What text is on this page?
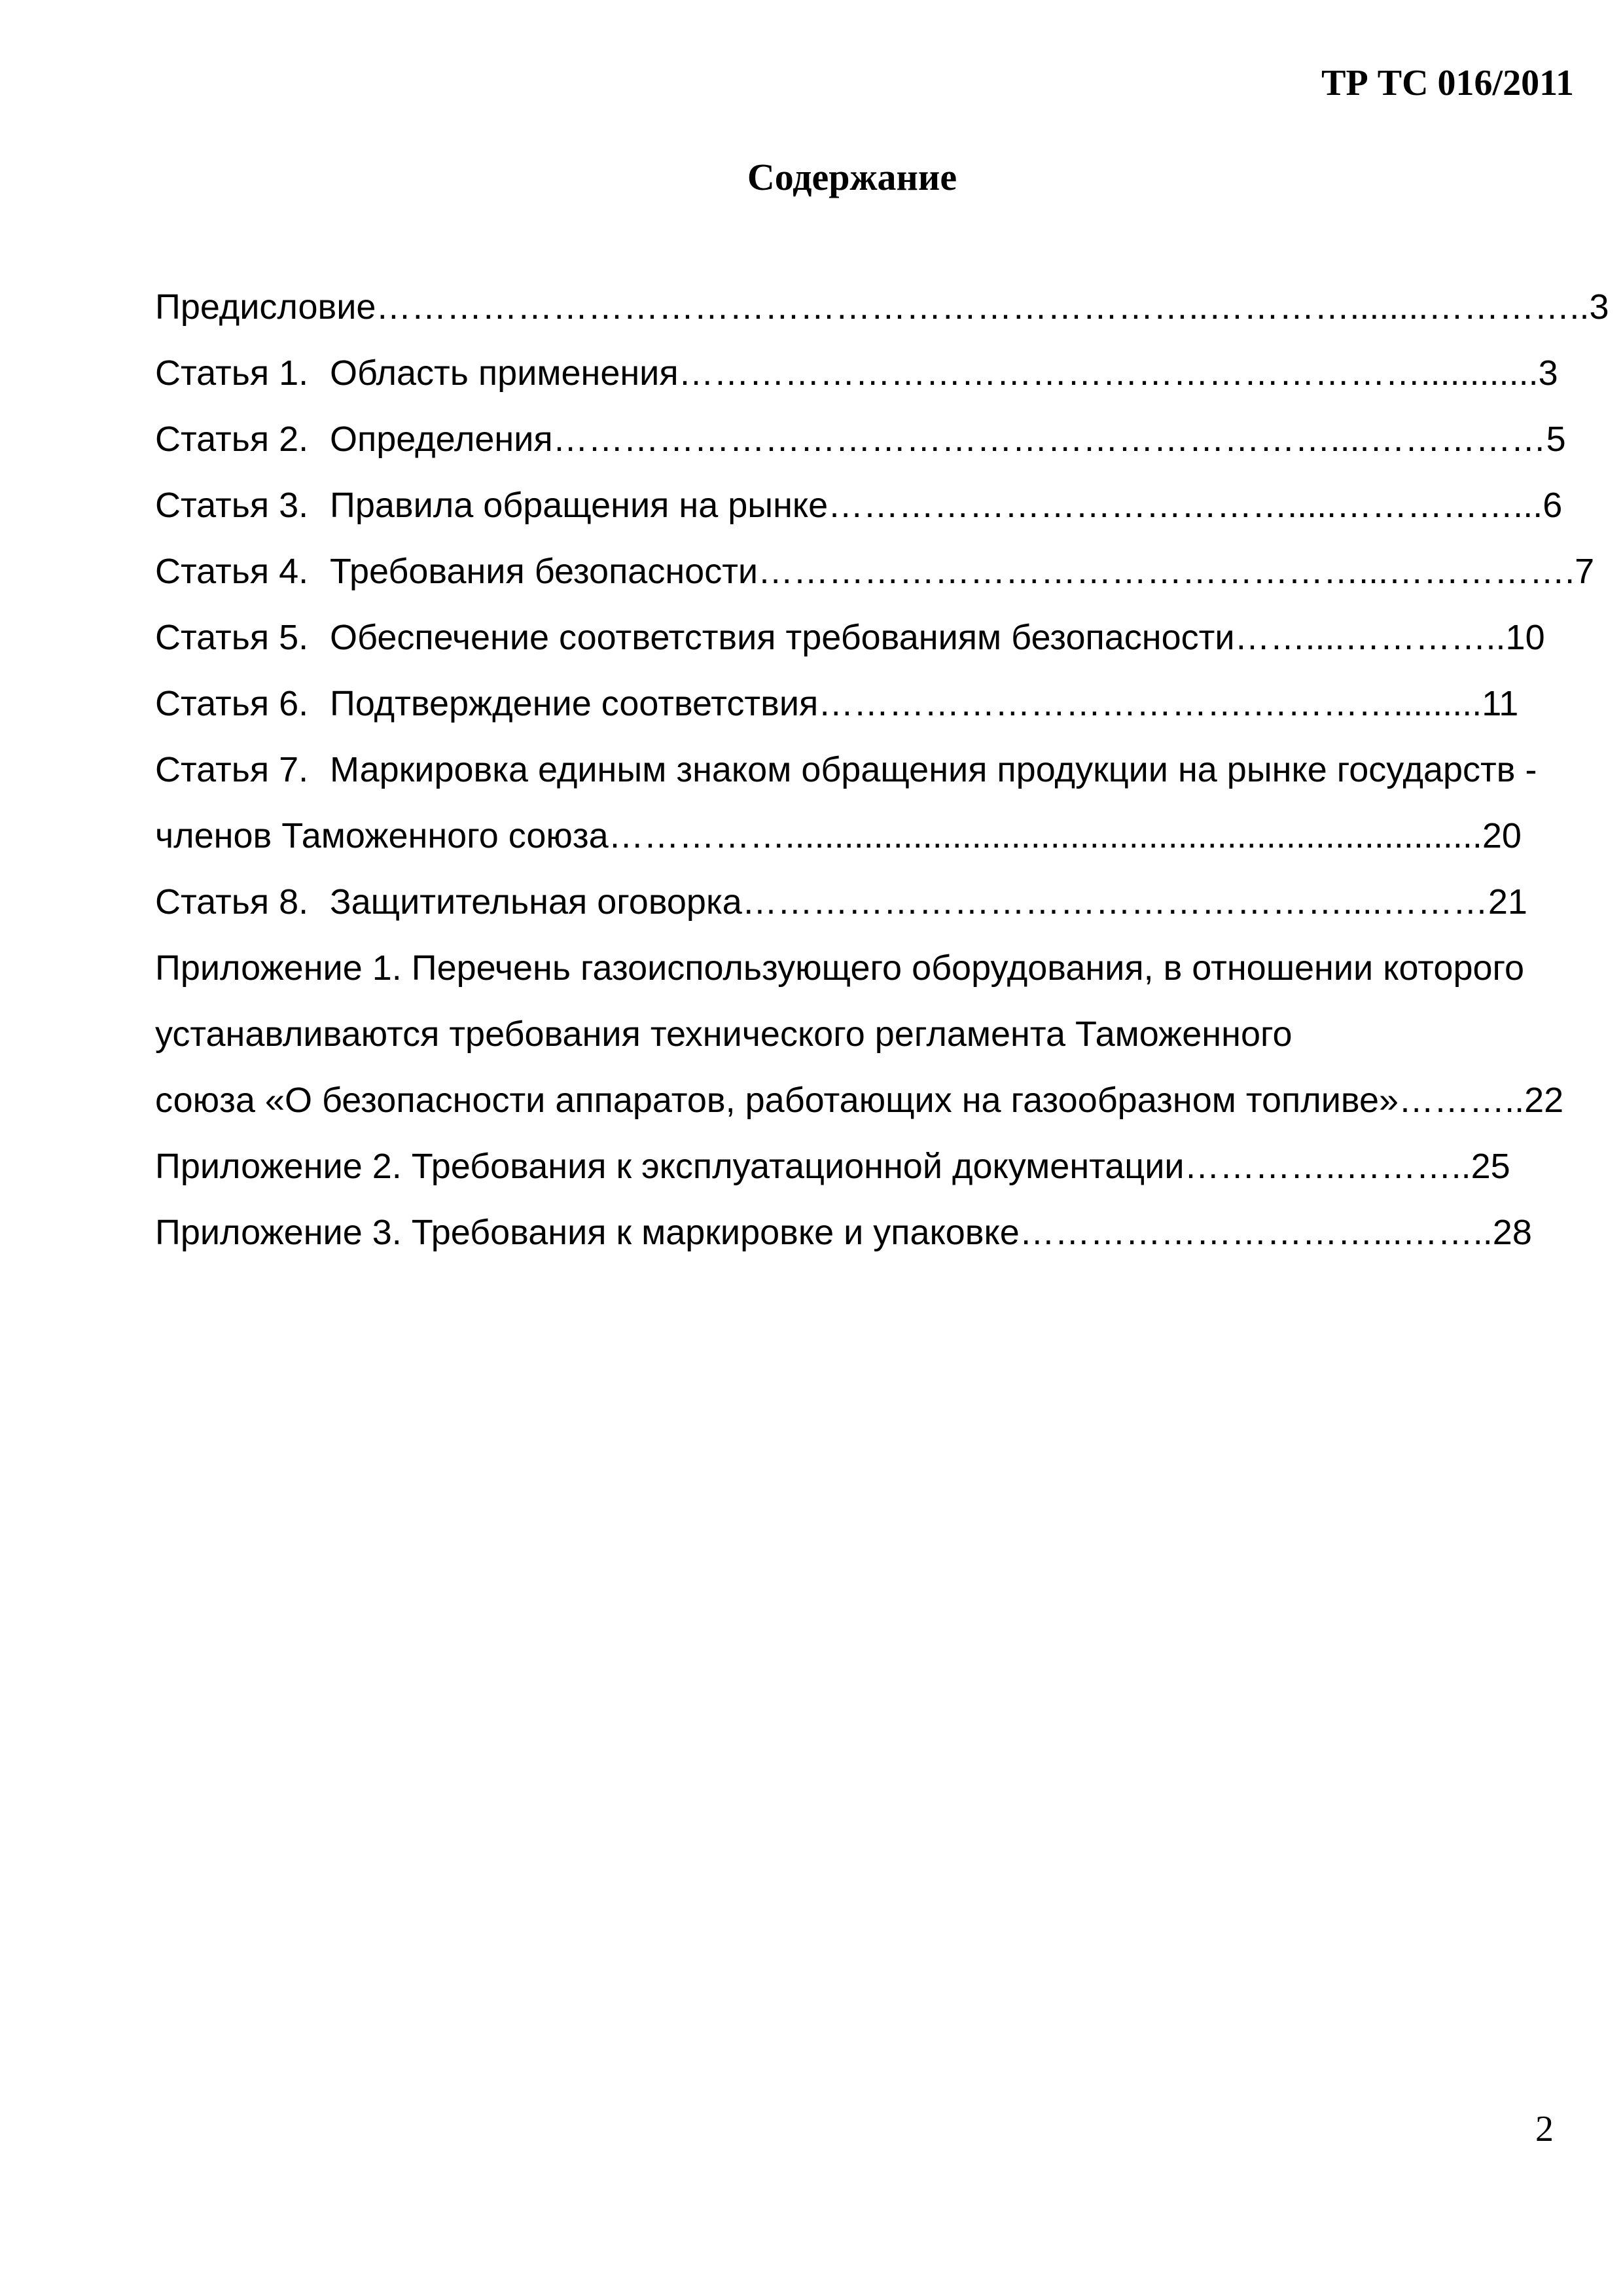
ТР ТС 016/2011
Содержание
Предисловие……………………………………………………………..…………........…………..3
Статья 1. Область применения………………………………………………………............3
Статья 2. Определения…………………………………………………………....……………5
Статья 3. Правила обращения на рынке………………………………….....……………...6
Статья 4. Требования безопасности……………………………………………...…………….7
Статья 5. Обеспечение соответствия требованиям безопасности……....…………..10
Статья 6. Подтверждение соответствия……………………………….………….........11
Статья 7. Маркировка единым знаком обращения продукции на рынке государств -
членов Таможенного союза…………….......................................................................20
Статья 8. Защитительная оговорка……………………………………………....………21
Приложение 1. Перечень газоиспользующего оборудования, в отношении которого
устанавливаются требования технического регламента Таможенного
союза «О безопасности аппаратов, работающих на газообразном топливе»………..22
Приложение 2. Требования к эксплуатационной документации…………..………..25
Приложение 3. Требования к маркировке и упаковке…………………………...……..28
2
